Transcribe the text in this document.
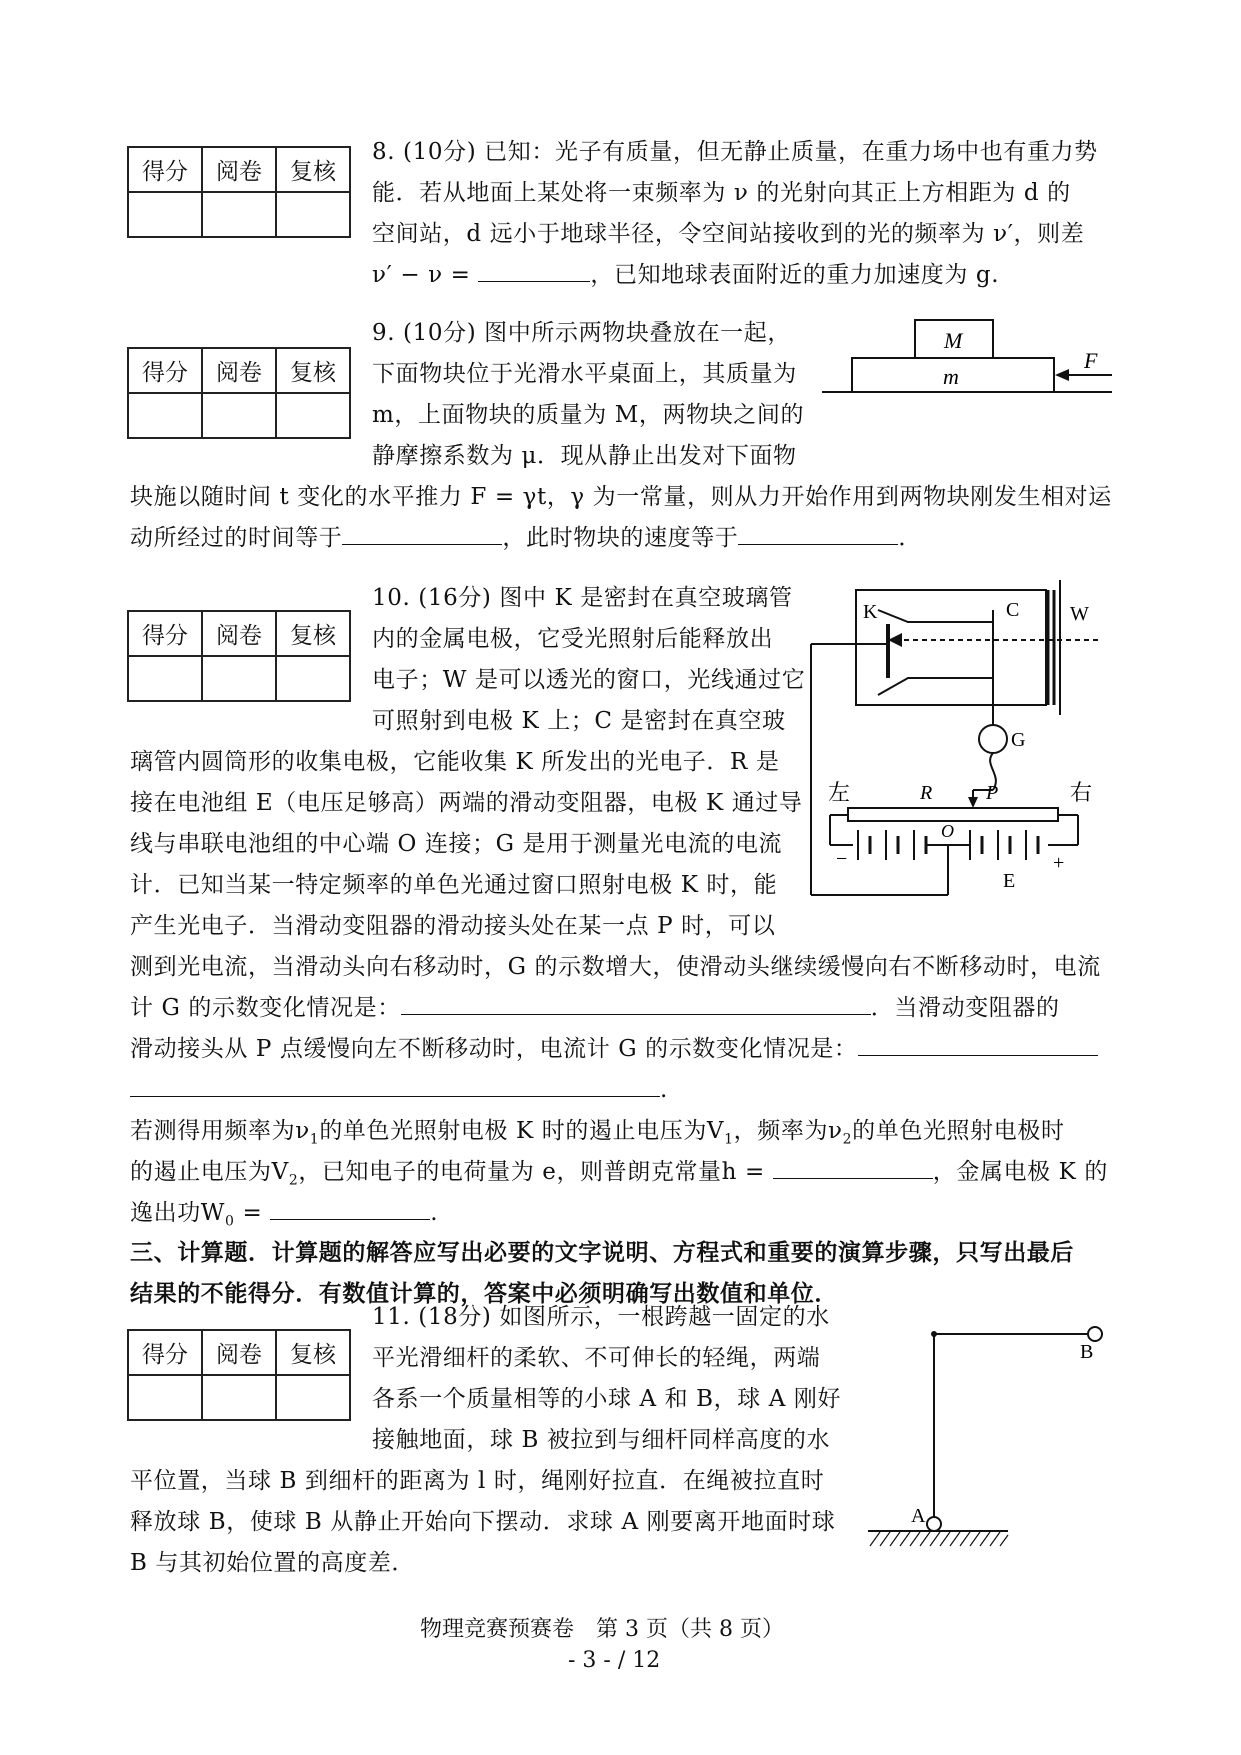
得分	阅卷	复核

8. (10分) 已知：光子有质量，但无静止质量，在重力场中也有重力势
能．若从地面上某处将一束频率为 ν 的光射向其正上方相距为 d 的
空间站，d 远小于地球半径，令空间站接收到的光的频率为 ν′，则差
ν′ − ν =	，已知地球表面附近的重力加速度为 g.
得分	阅卷	复核

9. (10分) 图中所示两物块叠放在一起，
下面物块位于光滑水平桌面上，其质量为
m，上面物块的质量为 M，两物块之间的
静摩擦系数为 μ．现从静止出发对下面物
块施以随时间 t 变化的水平推力 F = γt，γ 为一常量，则从力开始作用到两物块刚发生相对运
动所经过的时间等于	，此时物块的速度等于	．
M
m
F
得分	阅卷	复核

10. (16分) 图中 K 是密封在真空玻璃管
内的金属电极，它受光照射后能释放出
电子；W 是可以透光的窗口，光线通过它
可照射到电极 K 上；C 是密封在真空玻
璃管内圆筒形的收集电极，它能收集 K 所发出的光电子．R 是
接在电池组 E（电压足够高）两端的滑动变阻器，电极 K 通过导
线与串联电池组的中心端 O 连接；G 是用于测量光电流的电流
计．已知当某一特定频率的单色光通过窗口照射电极 K 时，能
产生光电子．当滑动变阻器的滑动接头处在某一点 P 时，可以
测到光电流，当滑动头向右移动时，G 的示数增大，使滑动头继续缓慢向右不断移动时，电流
计 G 的示数变化情况是：	．当滑动变阻器的
滑动接头从 P 点缓慢向左不断移动时，电流计 G 的示数变化情况是：
.
若测得用频率为$\nu_1$的单色光照射电极 K 时的遏止电压为$V_1$，频率为$\nu_2$的单色光照射电极时
的遏止电压为$V_2$，已知电子的电荷量为 e，则普朗克常量h =	，金属电极 K 的
逸出功$W_0$ =	.
K	C	W
G
左	R	P	右
O
−	+
E
三、计算题．计算题的解答应写出必要的文字说明、方程式和重要的演算步骤，只写出最后
结果的不能得分．有数值计算的，答案中必须明确写出数值和单位．
得分	阅卷	复核

11. (18分) 如图所示，一根跨越一固定的水
平光滑细杆的柔软、不可伸长的轻绳，两端
各系一个质量相等的小球 A 和 B，球 A 刚好
接触地面，球 B 被拉到与细杆同样高度的水
平位置，当球 B 到细杆的距离为 l 时，绳刚好拉直．在绳被拉直时
释放球 B，使球 B 从静止开始向下摆动．求球 A 刚要离开地面时球
B 与其初始位置的高度差．
B
A
物理竞赛预赛卷　第 3 页（共 8 页）
- 3 - / 12
